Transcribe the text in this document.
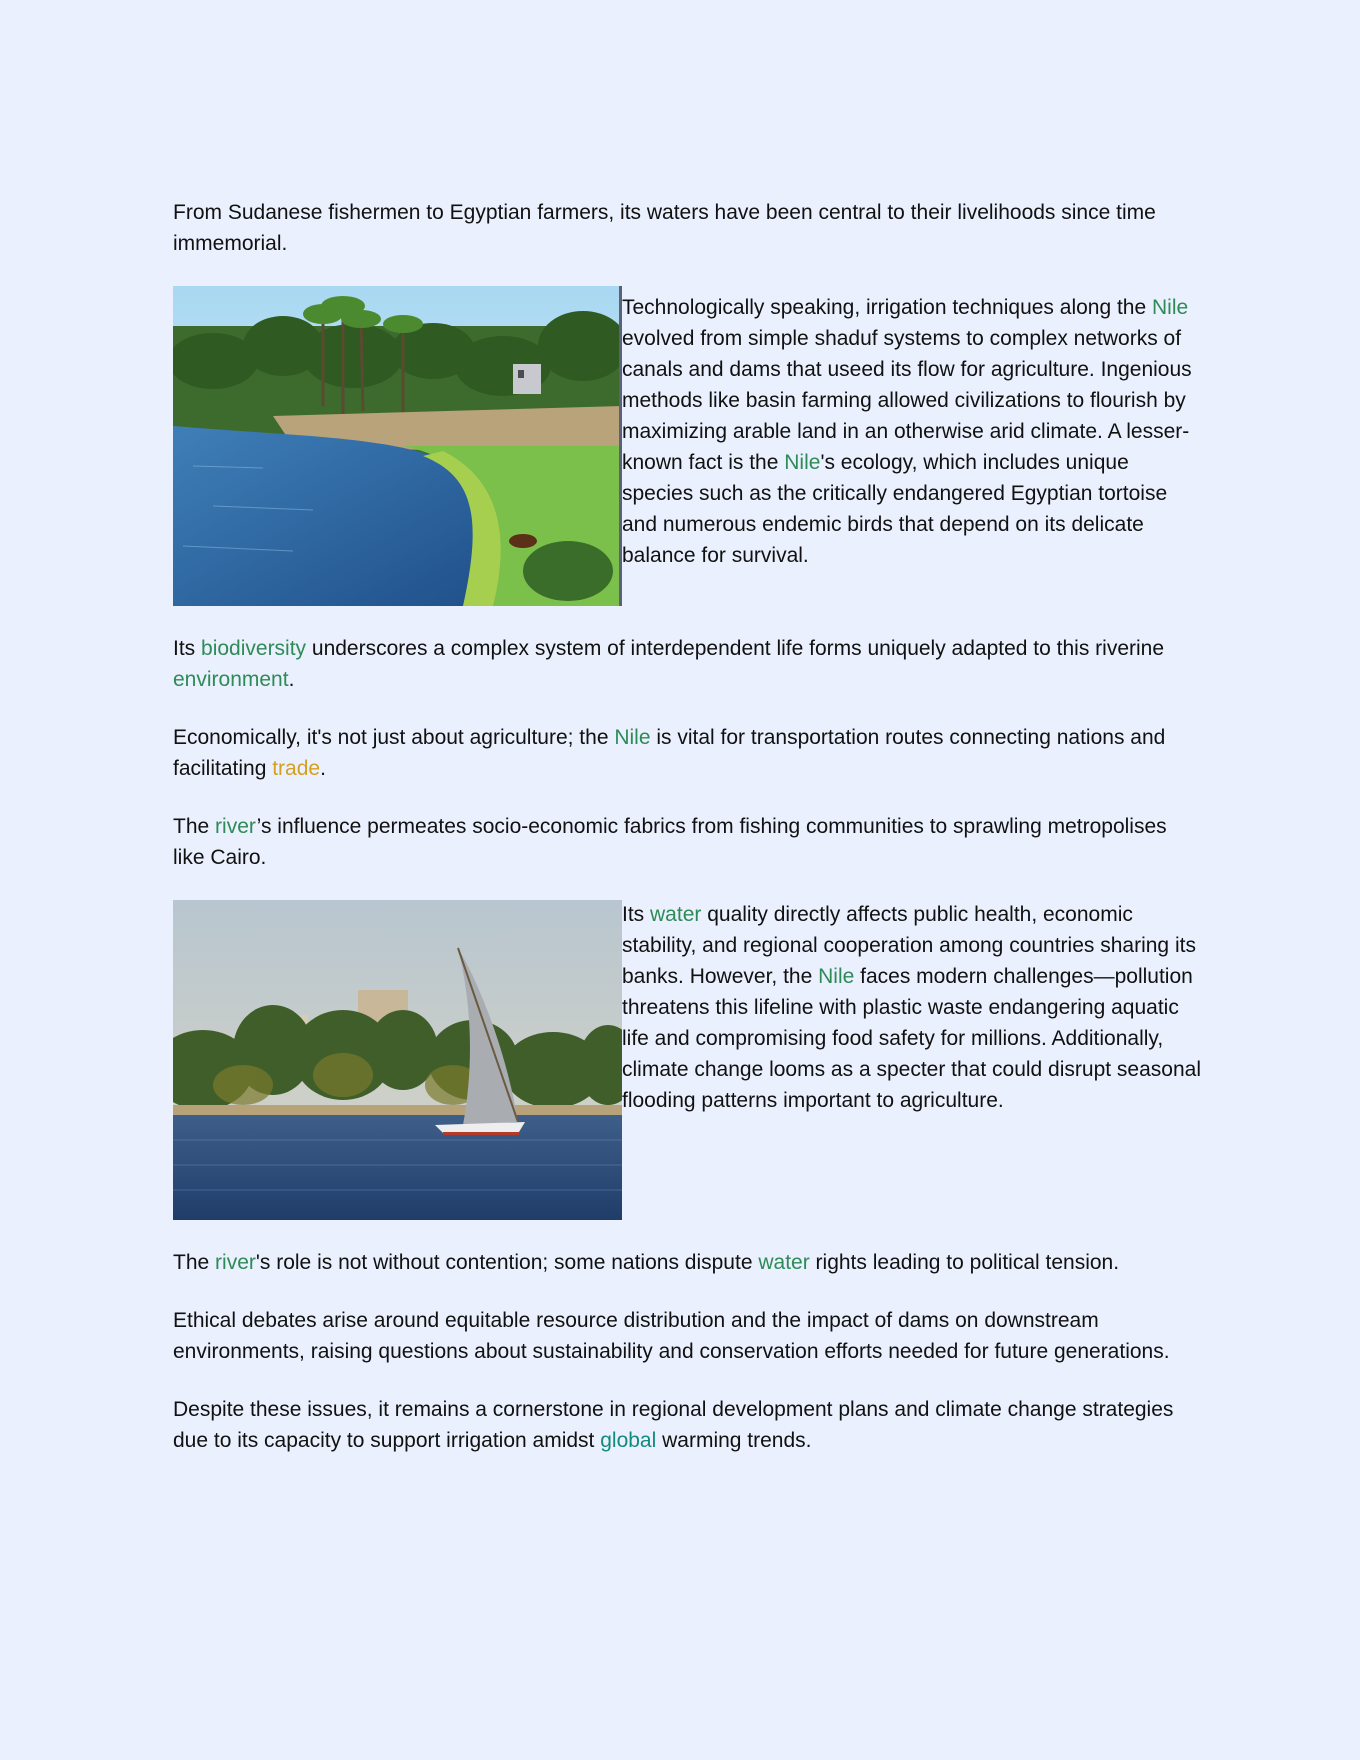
From Sudanese fishermen to Egyptian farmers, its waters have been central to their livelihoods since time immemorial.

Technologically speaking, irrigation techniques along the Nile evolved from simple shaduf systems to complex networks of canals and dams that useed its flow for agriculture. Ingenious methods like basin farming allowed civilizations to flourish by maximizing arable land in an otherwise arid climate. A lesser-known fact is the Nile's ecology, which includes unique species such as the critically endangered Egyptian tortoise and numerous endemic birds that depend on its delicate balance for survival.

Its biodiversity underscores a complex system of interdependent life forms uniquely adapted to this riverine environment.

Economically, it's not just about agriculture; the Nile is vital for transportation routes connecting nations and facilitating trade.

The river’s influence permeates socio-economic fabrics from fishing communities to sprawling metropolises like Cairo.

Its water quality directly affects public health, economic stability, and regional cooperation among countries sharing its banks. However, the Nile faces modern challenges—pollution threatens this lifeline with plastic waste endangering aquatic life and compromising food safety for millions. Additionally, climate change looms as a specter that could disrupt seasonal flooding patterns important to agriculture.

The river's role is not without contention; some nations dispute water rights leading to political tension.

Ethical debates arise around equitable resource distribution and the impact of dams on downstream environments, raising questions about sustainability and conservation efforts needed for future generations.

Despite these issues, it remains a cornerstone in regional development plans and climate change strategies due to its capacity to support irrigation amidst global warming trends.
